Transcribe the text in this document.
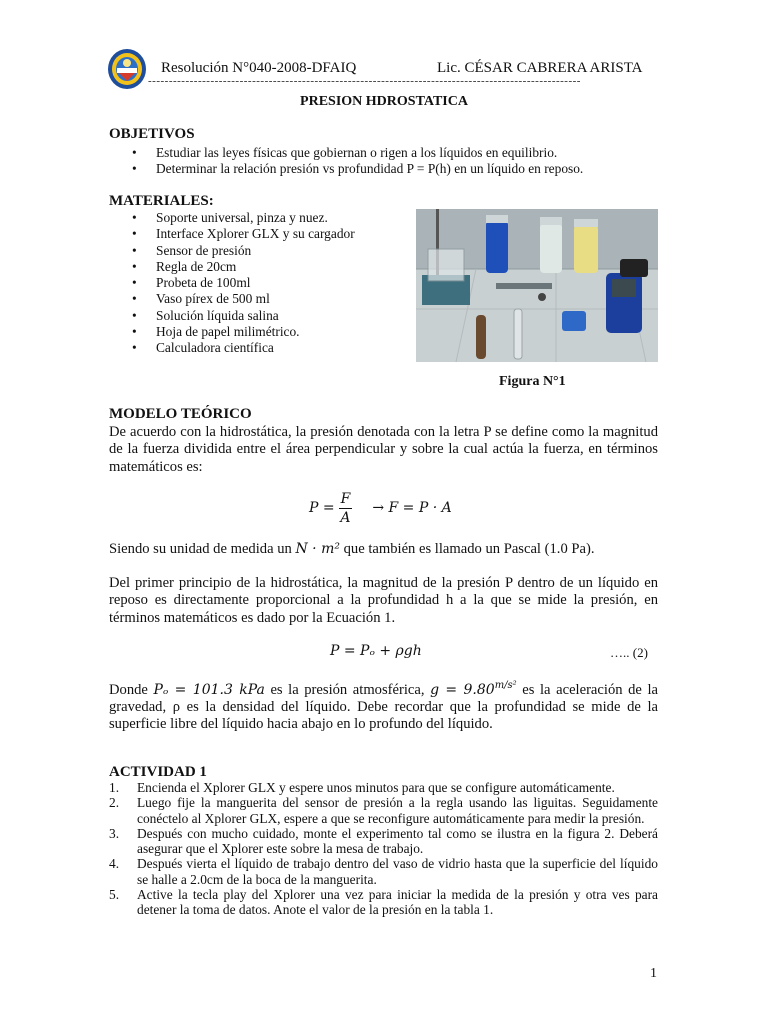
Resolución N°040-2008-DFAIQ	Lic. CÉSAR CABRERA ARISTA
--------------------------------------------------------------------------------------------------------
PRESION HDROSTATICA
OBJETIVOS
• Estudiar las leyes físicas que gobiernan o rigen a los líquidos en equilibrio.
• Determinar la relación presión vs profundidad P = P(h) en un líquido en reposo.
MATERIALES:
• Soporte universal, pinza y nuez.
• Interface Xplorer GLX y su cargador
• Sensor de presión
• Regla de 20cm
• Probeta de 100ml
• Vaso pírex de 500 ml
• Solución líquida salina
• Hoja de papel milimétrico.
• Calculadora científica
Figura N°1
MODELO TEÓRICO
De acuerdo con la hidrostática, la presión denotada con la letra P se define como la magnitud de la fuerza dividida entre el área perpendicular y sobre la cual actúa la fuerza, en términos matemáticos es:
$P = \frac{F}{A} \to F = P \cdot A$
Siendo su unidad de medida un N · m² que también es llamado un Pascal (1.0 Pa).
Del primer principio de la hidrostática, la magnitud de la presión P dentro de un líquido en reposo es directamente proporcional a la profundidad h a la que se mide la presión, en términos matemáticos es dado por la Ecuación 1.
P = Pₒ + ρgh	….. (2)
Donde Pₒ = 101.3 kPa es la presión atmosférica, $g = 9.80^{m/s^2}$ es la aceleración de la gravedad, ρ es la densidad del líquido. Debe recordar que la profundidad se mide de la superficie libre del líquido hacia abajo en lo profundo del líquido.
ACTIVIDAD 1
1. Encienda el Xplorer GLX y espere unos minutos para que se configure automáticamente.
2. Luego fije la manguerita del sensor de presión a la regla usando las liguitas. Seguidamente conéctelo al Xplorer GLX, espere a que se reconfigure automáticamente para medir la presión.
3. Después con mucho cuidado, monte el experimento tal como se ilustra en la figura 2. Deberá asegurar que el Xplorer este sobre la mesa de trabajo.
4. Después vierta el líquido de trabajo dentro del vaso de vidrio hasta que la superficie del líquido se halle a 2.0cm de la boca de la manguerita.
5. Active la tecla play del Xplorer una vez para iniciar la medida de la presión y otra ves para detener la toma de datos. Anote el valor de la presión en la tabla 1.
1
